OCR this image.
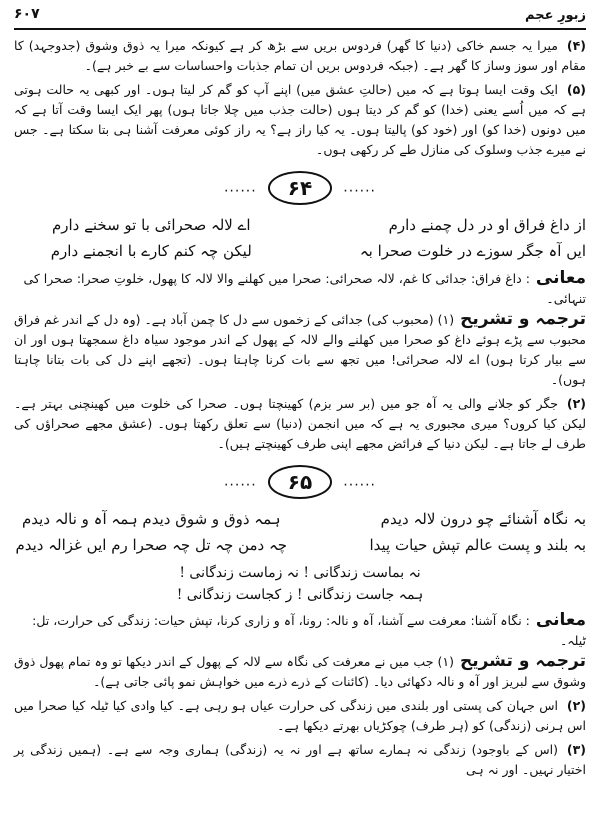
زبورِ عجم
۶۰۷

(۴)میرا یہ جسم خاکی (دنیا کا گھر) فردوس بریں سے بڑھ کر ہے کیونکہ میرا یہ ذوق وشوق (جدوجہد) کا مقام اور سوز وساز کا گھر ہے۔ (جبکہ فردوس بریں ان تمام جذبات واحساسات سے بے خبر ہے)۔

(۵)ایک وقت ایسا ہوتا ہے کہ میں (حالتِ عشق میں) اپنے آپ کو گم کر لیتا ہوں۔ اور کبھی یہ حالت ہوتی ہے کہ میں اُسے یعنی (خدا) کو گم کر دیتا ہوں (حالت جذب میں چلا جاتا ہوں) پھر ایک ایسا وقت آتا ہے کہ میں دونوں (خدا کو) اور (خود کو) پالیتا ہوں۔ یہ کیا راز ہے؟ یہ راز کوئی معرفت آشنا ہی بتا سکتا ہے۔ جس نے میرے جذب وسلوک کی منازل طے کر رکھی ہوں۔

...... ۶۴ ......
از داغ فراق او در دل چمنے دارم
اے لالہ صحرائی با تو سخنے دارم
ایں آہ جگر سوزے در خلوت صحرا بہ
لیکن چہ کنم کارے با انجمنے دارم

معانی: داغ فراق: جدائی کا غم، لالہ صحرائی: صحرا میں کھلنے والا لالہ کا پھول، خلوتِ صحرا: صحرا کی تنہائی۔

ترجمہ و تشریح(۱) (محبوب کی) جدائی کے زخموں سے دل کا چمن آباد ہے۔ (وہ دل کے اندر غم فراق محبوب سے پڑے ہوئے داغ کو صحرا میں کھلنے والے لالہ کے پھول کے اندر موجود سیاہ داغ سمجھتا ہوں اور ان سے بیار کرتا ہوں) اے لالہ صحرائی! میں تجھ سے بات کرنا چاہتا ہوں۔ (تجھے اپنے دل کی بات بتانا چاہتا ہوں)۔

(۲)جگر کو جلانے والی یہ آہ جو میں (بر سر بزم) کھینچتا ہوں۔ صحرا کی خلوت میں کھینچنی بہتر ہے۔ لیکن کیا کروں؟ میری مجبوری یہ ہے کہ میں انجمن (دنیا) سے تعلق رکھتا ہوں۔ (عشق مجھے صحراؤں کی طرف لے جاتا ہے۔ لیکن دنیا کے فرائض مجھے اپنی طرف کھینچتے ہیں)۔

...... ۶۵ ......
بہ نگاہ آشنائے چو درون لالہ دیدم
ہمہ ذوق و شوق دیدم ہمہ آہ و نالہ دیدم
بہ بلند و پست عالم تپش حیات پیدا
چہ دمن چہ تل چہ صحرا رم ایں غزالہ دیدم
نہ بماست زندگانی ! نہ زماست زندگانی !
ہمہ جاست زندگانی ! ز کجاست زندگانی !

معانی: نگاہ آشنا: معرفت سے آشنا، آہ و نالہ: رونا، آہ و زاری کرنا، تپش حیات: زندگی کی حرارت، تل: ٹیلہ۔

ترجمہ و تشریح(۱) جب میں نے معرفت کی نگاہ سے لالہ کے پھول کے اندر دیکھا تو وہ تمام پھول ذوق وشوق سے لبریز اور آہ و نالہ دکھائی دیا۔ (کائنات کے ذرے ذرے میں خواہش نمو پائی جاتی ہے)۔

(۲)اس جہان کی پستی اور بلندی میں زندگی کی حرارت عیاں ہو رہی ہے۔ کیا وادی کیا ٹیلہ کیا صحرا میں اس ہرنی (زندگی) کو (ہر طرف) چوکڑیاں بھرتے دیکھا ہے۔

(۳)(اس کے باوجود) زندگی نہ ہمارے ساتھ ہے اور نہ یہ (زندگی) ہماری وجہ سے ہے۔ (ہمیں زندگی پر اختیار نہیں۔ اور نہ ہی
